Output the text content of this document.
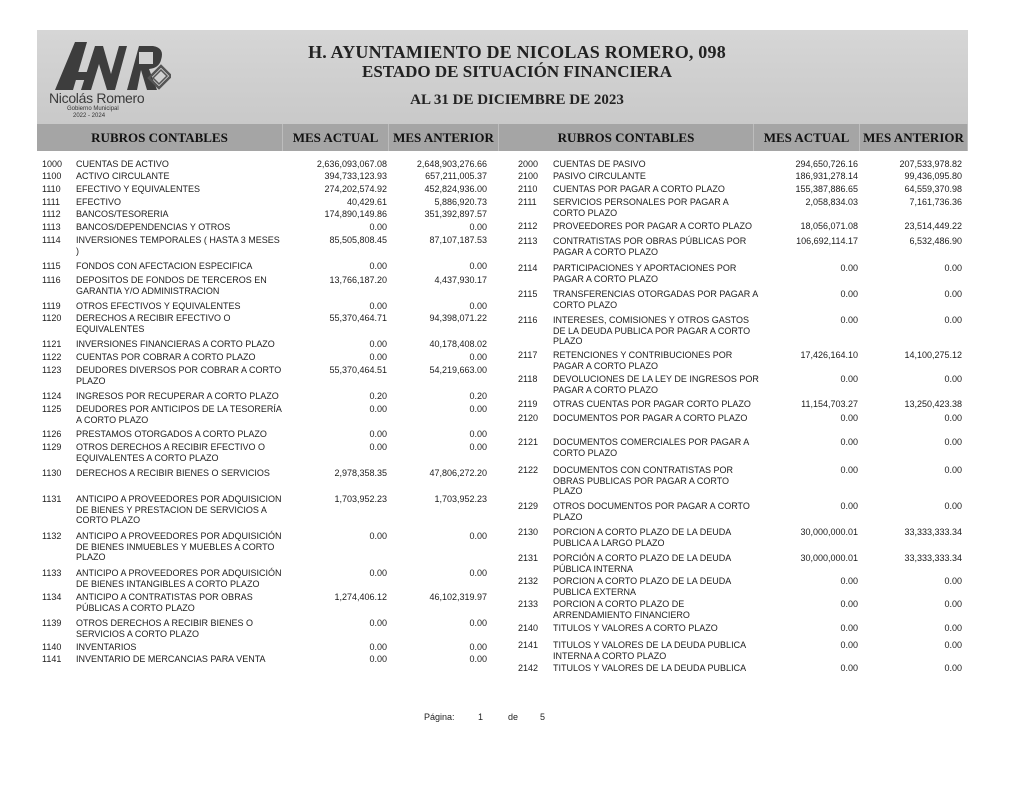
Nicolás Romero
Gobierno Municipal
2022 - 2024
H. AYUNTAMIENTO DE NICOLAS ROMERO, 098
ESTADO DE SITUACIÓN FINANCIERA
AL 31 DE DICIEMBRE DE 2023
RUBROS CONTABLES	MES ACTUAL	MES ANTERIOR	RUBROS CONTABLES	MES ACTUAL	MES ANTERIOR
1000 CUENTAS DE ACTIVO	2,636,093,067.08	2,648,903,276.66
1100 ACTIVO CIRCULANTE	394,733,123.93	657,211,005.37
1110 EFECTIVO Y EQUIVALENTES	274,202,574.92	452,824,936.00
1111 EFECTIVO	40,429.61	5,886,920.73
1112 BANCOS/TESORERIA	174,890,149.86	351,392,897.57
1113 BANCOS/DEPENDENCIAS Y OTROS	0.00	0.00
1114 INVERSIONES TEMPORALES ( HASTA 3 MESES )
85,505,808.45	87,107,187.53
1115 FONDOS CON AFECTACION ESPECIFICA	0.00	0.00
1116 DEPOSITOS DE FONDOS DE TERCEROS EN GARANTIA Y/O ADMINISTRACION
13,766,187.20	4,437,930.17
1119 OTROS EFECTIVOS Y EQUIVALENTES	0.00	0.00
1120 DERECHOS A RECIBIR EFECTIVO O EQUIVALENTES
55,370,464.71	94,398,071.22
1121 INVERSIONES FINANCIERAS A CORTO PLAZO	0.00	40,178,408.02
1122 CUENTAS POR COBRAR A CORTO PLAZO	0.00	0.00
1123 DEUDORES DIVERSOS POR COBRAR A CORTO PLAZO
55,370,464.51	54,219,663.00
1124 INGRESOS POR RECUPERAR A CORTO PLAZO	0.20	0.20
1125 DEUDORES POR ANTICIPOS DE LA TESORERÍA A CORTO PLAZO
0.00	0.00
1126 PRESTAMOS OTORGADOS A CORTO PLAZO	0.00	0.00
1129 OTROS DERECHOS A RECIBIR EFECTIVO O EQUIVALENTES A CORTO PLAZO
0.00	0.00
1130 DERECHOS A RECIBIR BIENES O SERVICIOS	2,978,358.35	47,806,272.20
1131 ANTICIPO A PROVEEDORES POR ADQUISICION DE BIENES Y PRESTACION DE SERVICIOS A CORTO PLAZO
1,703,952.23	1,703,952.23
1132 ANTICIPO A PROVEEDORES POR ADQUISICIÓN DE BIENES INMUEBLES Y MUEBLES A CORTO PLAZO
0.00	0.00
1133 ANTICIPO A PROVEEDORES POR ADQUISICIÓN DE BIENES INTANGIBLES A CORTO PLAZO
0.00	0.00
1134 ANTICIPO A CONTRATISTAS POR OBRAS PÚBLICAS A CORTO PLAZO
1,274,406.12	46,102,319.97
1139 OTROS DERECHOS A RECIBIR BIENES O SERVICIOS A CORTO PLAZO
0.00	0.00
1140 INVENTARIOS	0.00	0.00
1141 INVENTARIO DE MERCANCIAS PARA VENTA	0.00	0.00
2000 CUENTAS DE PASIVO	294,650,726.16	207,533,978.82
2100 PASIVO CIRCULANTE	186,931,278.14	99,436,095.80
2110 CUENTAS POR PAGAR A CORTO PLAZO	155,387,886.65	64,559,370.98
2111 SERVICIOS PERSONALES POR PAGAR A CORTO PLAZO
2,058,834.03	7,161,736.36
2112 PROVEEDORES POR PAGAR A CORTO PLAZO	18,056,071.08	23,514,449.22
2113 CONTRATISTAS POR OBRAS PÚBLICAS POR PAGAR A CORTO PLAZO
106,692,114.17	6,532,486.90
2114 PARTICIPACIONES Y APORTACIONES POR PAGAR A CORTO PLAZO
0.00	0.00
2115 TRANSFERENCIAS OTORGADAS POR PAGAR A CORTO PLAZO
0.00	0.00
2116 INTERESES, COMISIONES Y OTROS GASTOS DE LA DEUDA PUBLICA POR PAGAR A CORTO PLAZO
0.00	0.00
2117 RETENCIONES Y CONTRIBUCIONES POR PAGAR A CORTO PLAZO
17,426,164.10	14,100,275.12
2118 DEVOLUCIONES DE LA LEY DE INGRESOS POR PAGAR A CORTO PLAZO
0.00	0.00
2119 OTRAS CUENTAS POR PAGAR CORTO PLAZO	11,154,703.27	13,250,423.38
2120 DOCUMENTOS POR PAGAR A CORTO PLAZO	0.00	0.00
2121 DOCUMENTOS COMERCIALES POR PAGAR A CORTO PLAZO
0.00	0.00
2122 DOCUMENTOS CON CONTRATISTAS POR OBRAS PUBLICAS POR PAGAR A CORTO PLAZO
0.00	0.00
2129 OTROS DOCUMENTOS POR PAGAR A CORTO PLAZO
0.00	0.00
2130 PORCION A CORTO PLAZO DE LA DEUDA PUBLICA A LARGO PLAZO
30,000,000.01	33,333,333.34
2131 PORCIÓN A CORTO PLAZO DE LA DEUDA PÚBLICA INTERNA
30,000,000.01	33,333,333.34
2132 PORCION A CORTO PLAZO DE LA DEUDA PUBLICA EXTERNA
0.00	0.00
2133 PORCION A CORTO PLAZO DE ARRENDAMIENTO FINANCIERO
0.00	0.00
2140 TITULOS Y VALORES A CORTO PLAZO	0.00	0.00
2141 TITULOS Y VALORES DE LA DEUDA PUBLICA INTERNA A CORTO PLAZO
0.00	0.00
2142 TITULOS Y VALORES DE LA DEUDA PUBLICA	0.00	0.00
Página:	1	de 5
